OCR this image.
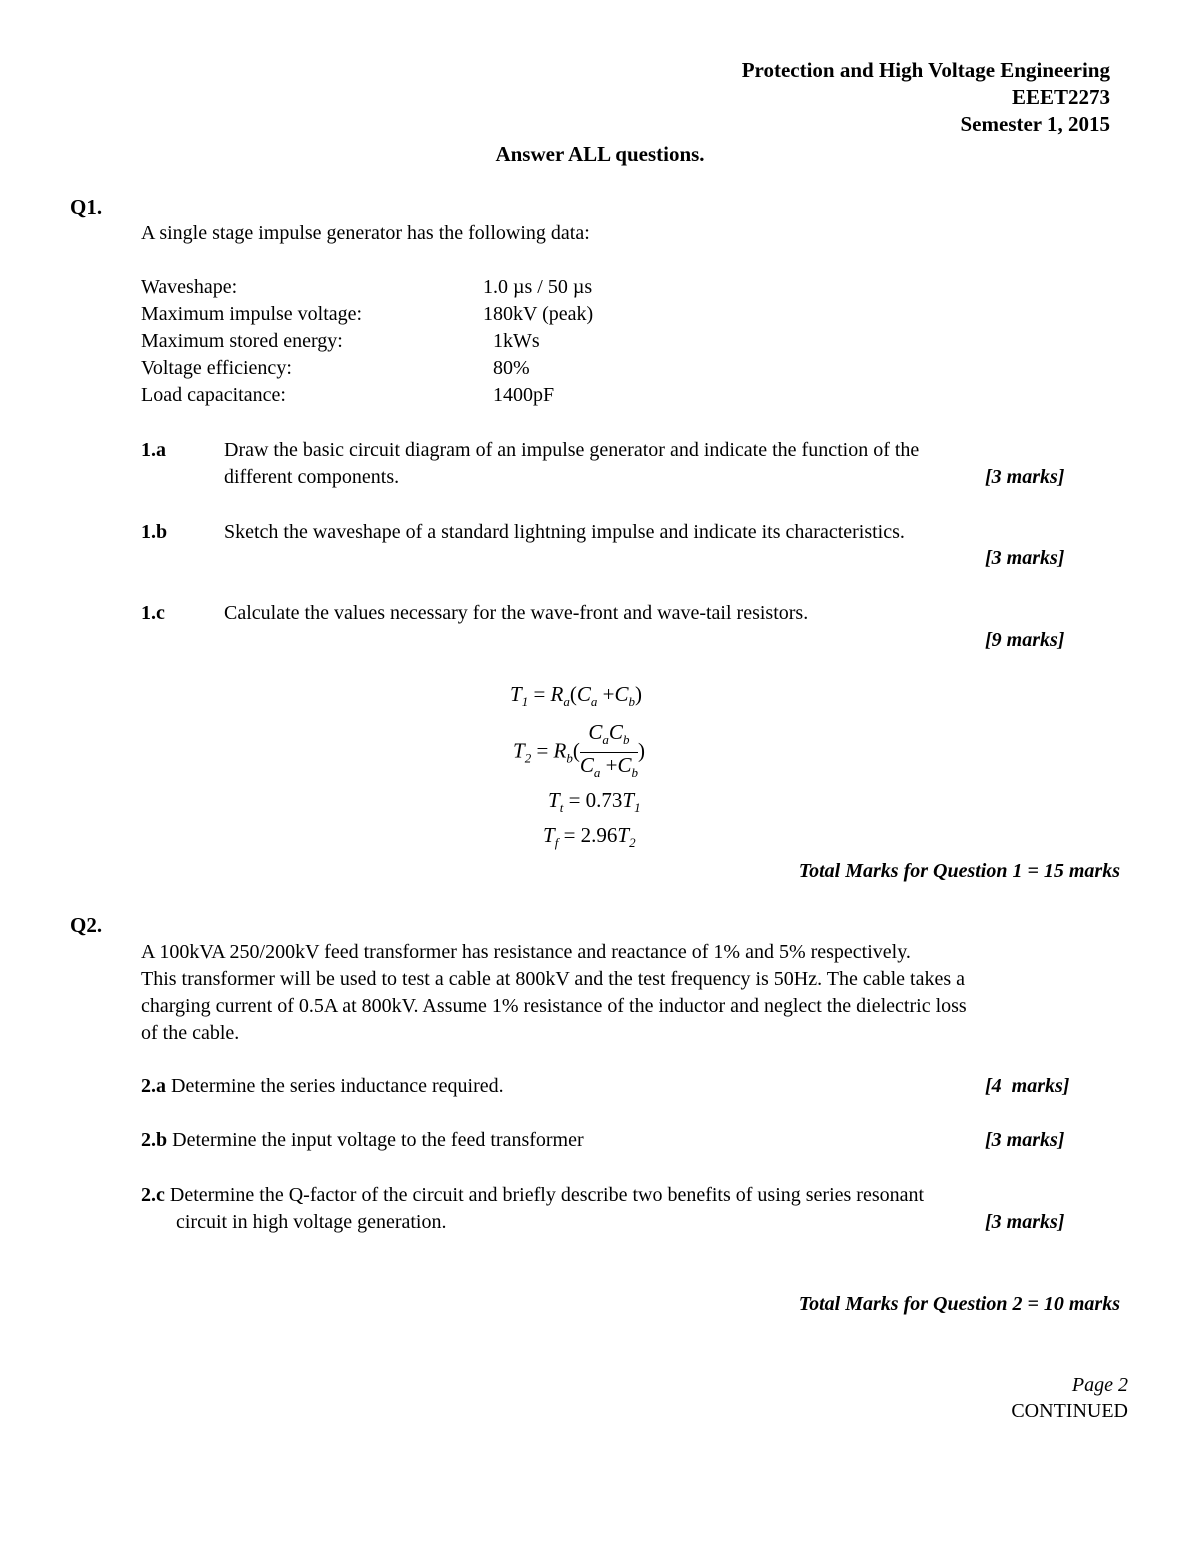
Protection and High Voltage Engineering
EEET2273
Semester 1, 2015
Answer ALL questions.
Q1.
A single stage impulse generator has the following data:
Waveshape:	1.0 µs / 50 µs
Maximum impulse voltage:	180kV (peak)
Maximum stored energy:	1kWs
Voltage efficiency:	80%
Load capacitance:	1400pF
1.a	Draw the basic circuit diagram of an impulse generator and indicate the function of the
different components.	[3 marks]
1.b	Sketch the waveshape of a standard lightning impulse and indicate its characteristics.
[3 marks]
1.c	Calculate the values necessary for the wave-front and wave-tail resistors.
[9 marks]
$T_1 = R_a(C_a +C_b)$
$T_2 = R_b( \frac{C_aC_b}{C_a +C_b}$ )
$T_t = 0.73T_1$
$T_f = 2.96T_2$
Total Marks for Question 1 = 15 marks
Q2.
A 100kVA 250/200kV feed transformer has resistance and reactance of 1% and 5% respectively.
This transformer will be used to test a cable at 800kV and the test frequency is 50Hz. The cable takes a
charging current of 0.5A at 800kV. Assume 1% resistance of the inductor and neglect the dielectric loss
of the cable.
2.a Determine the series inductance required.	[4  marks]
2.b Determine the input voltage to the feed transformer	[3 marks]
2.c Determine the Q-factor of the circuit and briefly describe two benefits of using series resonant
circuit in high voltage generation.	[3 marks]
Total Marks for Question 2 = 10 marks
Page 2
CONTINUED
